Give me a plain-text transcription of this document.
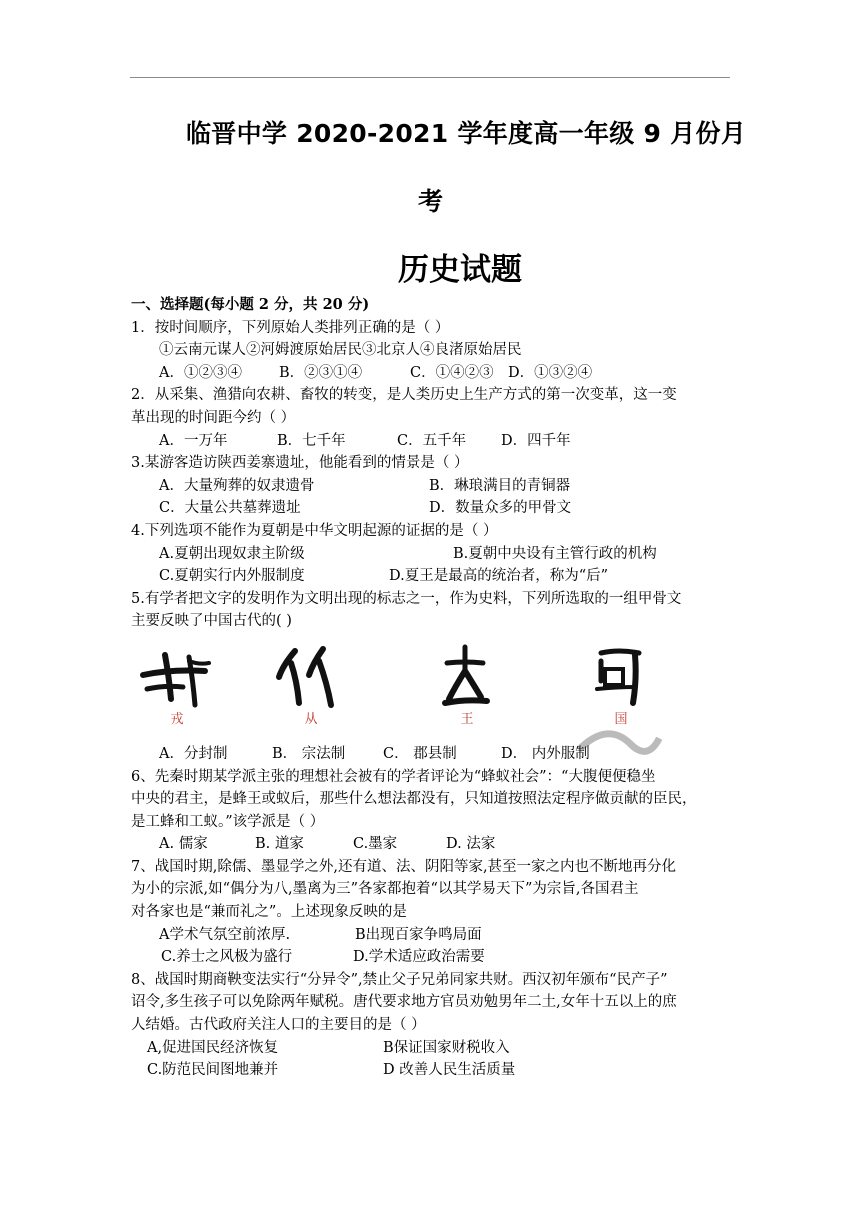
临晋中学 2020-2021 学年度高一年级 9 月份月
考
历史试题
一、选择题(每小题 2 分，共 20 分)
1．按时间顺序，下列原始人类排列正确的是（ ）
①云南元谋人②河姆渡原始居民③北京人④良渚原始居民
A．①②③④	B．②③①④	C．①④②③ D．①③②④
2．从采集、渔猎向农耕、畜牧的转变，是人类历史上生产方式的第一次变革，这一变
革出现的时间距今约（ ）
A．一万年	B．七千年	C．五千年 D．四千年
3.某游客造访陕西姜寨遗址，他能看到的情景是（ ）
A．大量殉葬的奴隶遗骨	B．琳琅满目的青铜器
C．大量公共墓葬遗址	D．数量众多的甲骨文
4.下列选项不能作为夏朝是中华文明起源的证据的是（ ）
A.夏朝出现奴隶主阶级	B.夏朝中央设有主管行政的机构
C.夏朝实行内外服制度	D.夏王是最高的统治者，称为“后”
5.有学者把文字的发明作为文明出现的标志之一，作为史料，下列所选取的一组甲骨文
主要反映了中国古代的( )
戎	从	王	国
A．分封制	B． 宗法制	C． 郡县制	D． 内外服制
6、先秦时期某学派主张的理想社会被有的学者评论为“蜂蚁社会”：“大腹便便稳坐
中央的君主，是蜂王或蚁后，那些什么想法都没有，只知道按照法定程序做贡献的臣民，
是工蜂和工蚁。”该学派是（ ）
A. 儒家	B. 道家	C.墨家	D. 法家
7、战国时期,除儒、墨显学之外,还有道、法、阴阳等家,甚至一家之内也不断地再分化
为小的宗派,如“偶分为八,墨离为三”各家都抱着“以其学易天下”为宗旨,各国君主
对各家也是“兼而礼之”。上述现象反映的是
A学术气氛空前浓厚.	B出现百家争鸣局面
C.养士之风极为盛行	D.学术适应政治需要
8、战国时期商鞅变法实行“分异令”,禁止父子兄弟同家共财。西汉初年颁布“民产子”
诏令,多生孩子可以免除两年赋税。唐代要求地方官员劝勉男年二土,女年十五以上的庶
人结婚。古代政府关注人口的主要目的是（ ）
A,促进国民经济恢复	B保证国家财税收入
C.防范民间图地兼并	D 改善人民生活质量
